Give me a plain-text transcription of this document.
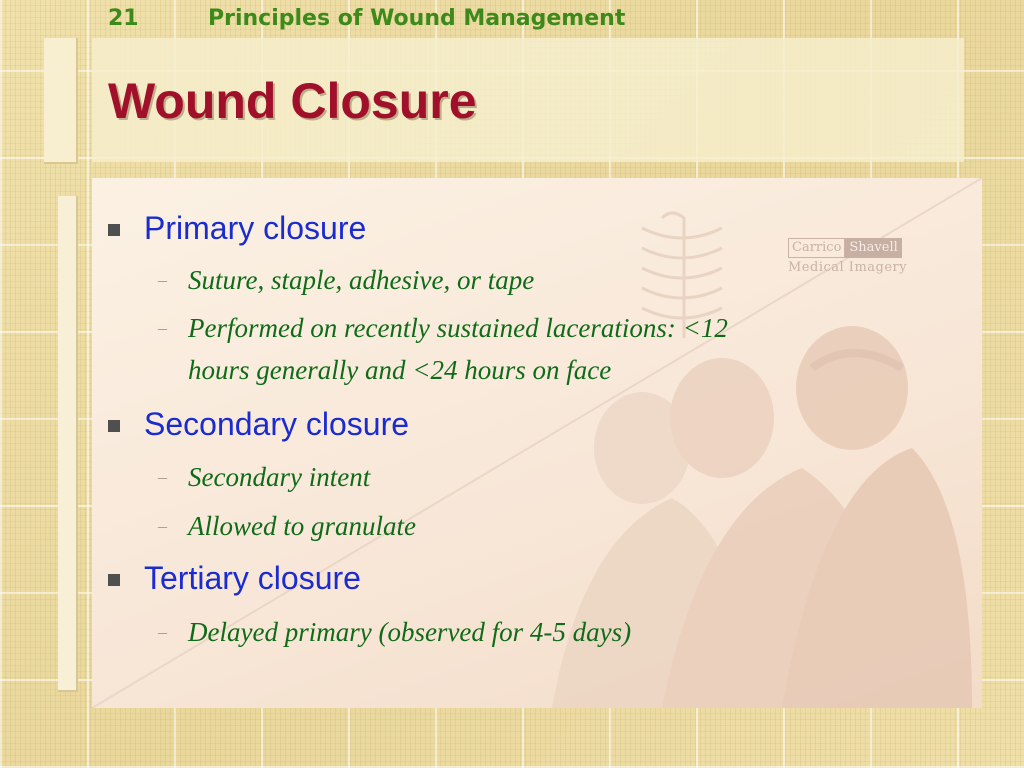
21	Principles of Wound Management
Wound Closure
Carrico Shavell
Medical Imagery
Primary closure
– Suture, staple, adhesive, or tape
– Performed on recently sustained lacerations: <12
hours generally and <24 hours on face
Secondary closure
– Secondary intent
– Allowed to granulate
Tertiary closure
– Delayed primary (observed for 4-5 days)
